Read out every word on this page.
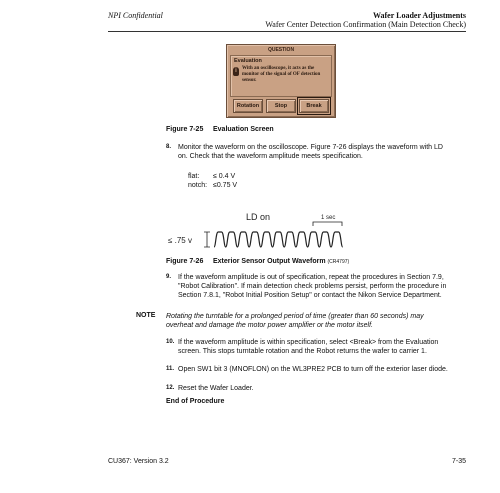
NPI Confidential	Wafer Loader Adjustments
Wafer Center Detection Confirmation (Main Detection Check)
QUESTION
Evaluation
i	With an oscilloscope, it acts as the monitor of the signal of OF detection sensor.
Rotation	Stop	Break
Figure 7-25 Evaluation Screen
8. Monitor the waveform on the oscilloscope. Figure 7-26 displays the waveform with LD on. Check that the waveform amplitude meets specification.
flat: ≤ 0.4 V
notch: ≤0.75 V
LD on	1 sec
≤ .75 v
Figure 7-26 Exterior Sensor Output Waveform (CR4797)
9. If the waveform amplitude is out of specification, repeat the procedures in Section 7.9, "Robot Calibration". If main detection check problems persist, perform the procedure in Section 7.8.1, "Robot Initial Position Setup" or contact the Nikon Service Department.
NOTE Rotating the turntable for a prolonged period of time (greater than 60 seconds) may overheat and damage the motor power amplifier or the motor itself.
10. If the waveform amplitude is within specification, select <Break> from the Evaluation screen. This stops turntable rotation and the Robot returns the wafer to carrier 1.
11. Open SW1 bit 3 (MNOFLON) on the WL3PRE2 PCB to turn off the exterior laser diode.
12. Reset the Wafer Loader.
End of Procedure
CU367: Version 3.2	7-35
